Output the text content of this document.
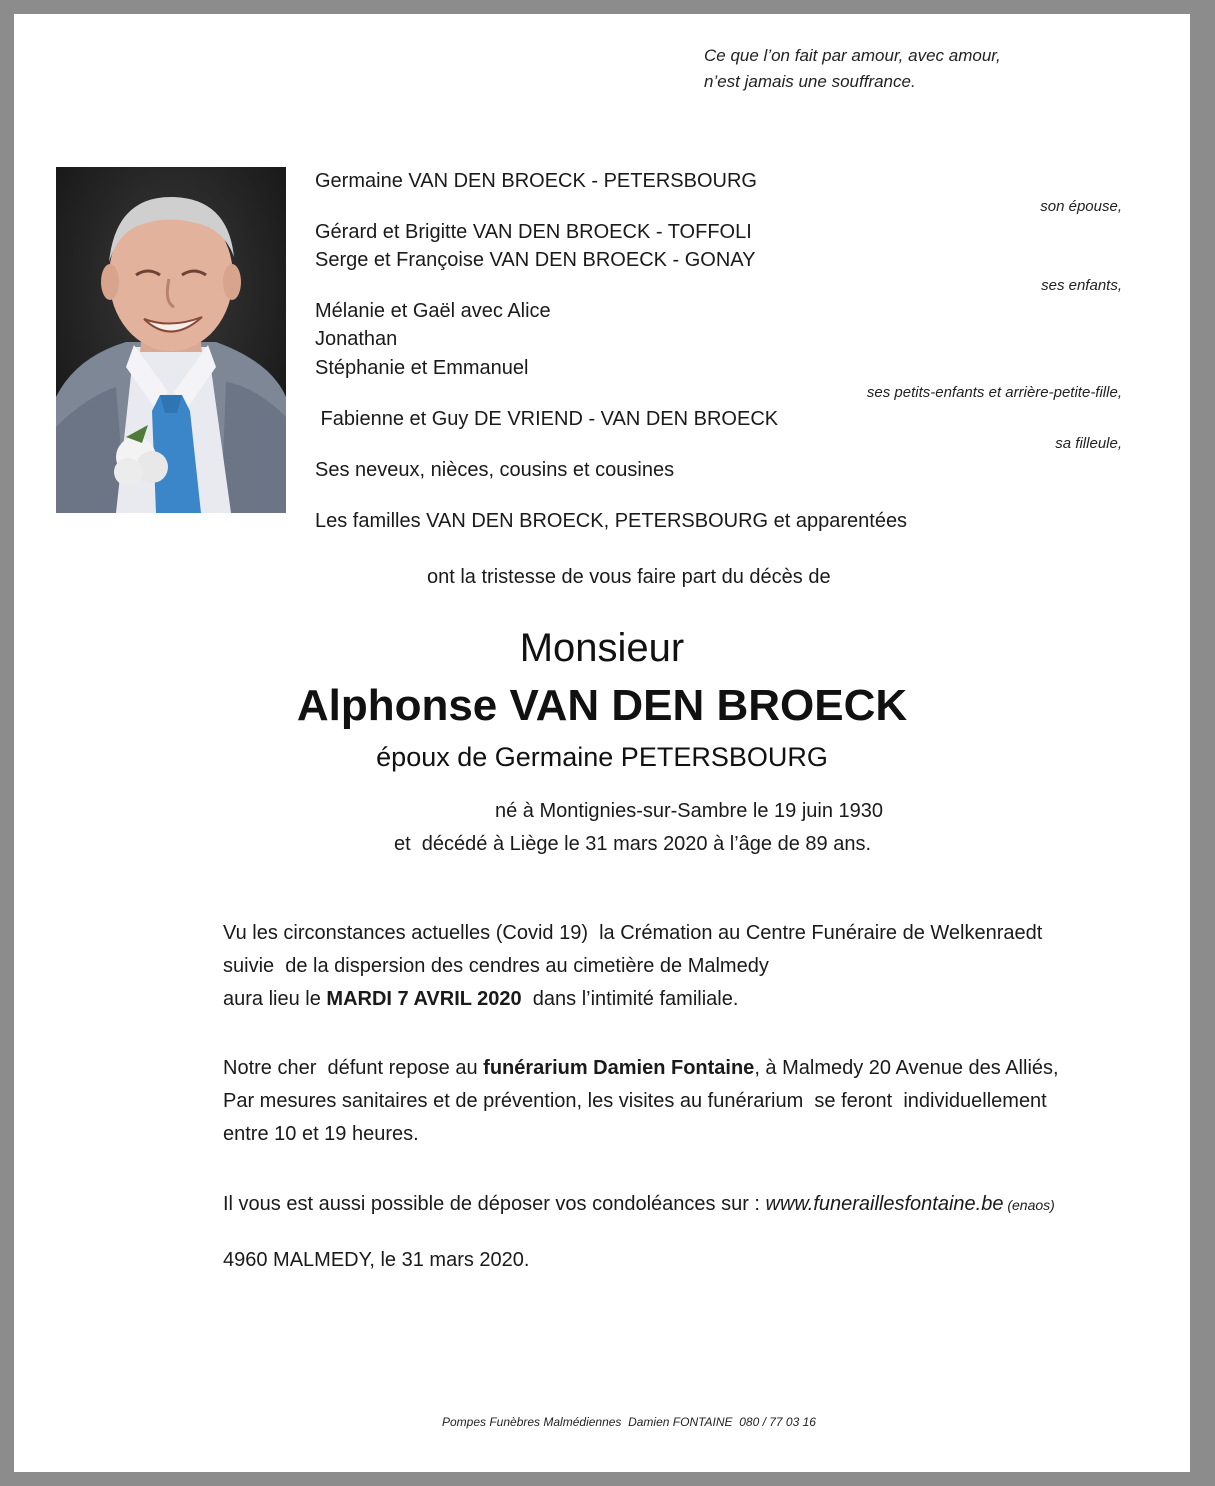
Ce que l’on fait par amour, avec amour,
n’est jamais une souffrance.
Germaine VAN DEN BROECK - PETERSBOURG
son épouse,
Gérard et Brigitte VAN DEN BROECK - TOFFOLI
Serge et Françoise VAN DEN BROECK - GONAY
ses enfants,
Mélanie et Gaël avec Alice
Jonathan
Stéphanie et Emmanuel
ses petits-enfants et arrière-petite-fille,
Fabienne et Guy DE VRIEND - VAN DEN BROECK
sa filleule,
Ses neveux, nièces, cousins et cousines
Les familles VAN DEN BROECK, PETERSBOURG et apparentées
ont la tristesse de vous faire part du décès de
Monsieur
Alphonse VAN DEN BROECK
époux de Germaine PETERSBOURG
né à Montignies-sur-Sambre le 19 juin 1930
et  décédé à Liège le 31 mars 2020 à l’âge de 89 ans.
Vu les circonstances actuelles (Covid 19)  la Crémation au Centre Funéraire de Welkenraedt
suivie  de la dispersion des cendres au cimetière de Malmedy
aura lieu le MARDI 7 AVRIL 2020  dans l’intimité familiale.
Notre cher  défunt repose au funérarium Damien Fontaine, à Malmedy 20 Avenue des Alliés,
Par mesures sanitaires et de prévention, les visites au funérarium  se feront  individuellement
entre 10 et 19 heures.
Il vous est aussi possible de déposer vos condoléances sur : www.funeraillesfontaine.be (enaos)
4960 MALMEDY, le 31 mars 2020.
Pompes Funèbres Malmédiennes  Damien FONTAINE  080 / 77 03 16
